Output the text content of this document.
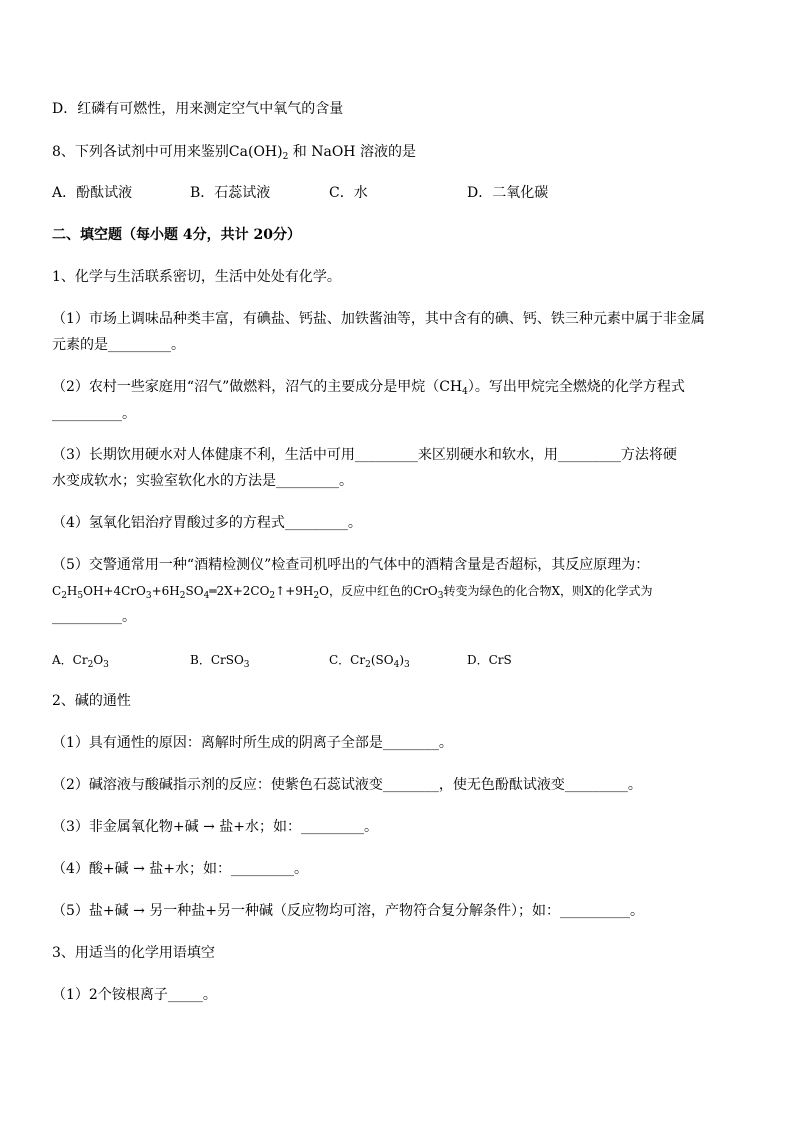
D．红磷有可燃性，用来测定空气中氧气的含量
8、下列各试剂中可用来鉴别$Ca(OH)_2$ 和 NaOH 溶液的是
A．酚酞试液	B．石蕊试液	C．水	D．二氧化碳
二、填空题（每小题 4分，共计 20分）
1、化学与生活联系密切，生活中处处有化学。
（1）市场上调味品种类丰富，有碘盐、钙盐、加铁酱油等，其中含有的碘、钙、铁三种元素中属于非金属
元素的是_________。
（2）农村一些家庭用“沼气”做燃料，沼气的主要成分是甲烷$(CH_4)$。写出甲烷完全燃烧的化学方程式
__________。
（3）长期饮用硬水对人体健康不利，生活中可用_________来区别硬水和软水，用_________方法将硬
水变成软水；实验室软化水的方法是_________。
（4）氢氧化铝治疗胃酸过多的方程式_________。
（5）交警通常用一种“酒精检测仪”检查司机呼出的气体中的酒精含量是否超标，其反应原理为：
$C_2H_5OH+4CrO_3+6H_2SO_4═2X+2CO_2↑+9H_2O$，反应中红色的CrO$_3$转变为绿色的化合物X，则X的化学式为
__________。
A．$Cr_2O_3$	B．CrSO$_3$	C．$Cr_2(SO_4)_3$	D．CrS
2、碱的通性
（1）具有通性的原因：离解时所生成的阴离子全部是________。
（2）碱溶液与酸碱指示剂的反应：使紫色石蕊试液变________，使无色酚酞试液变_________。
（3）非金属氧化物+碱 → 盐+水；如：_________。
（4）酸+碱 → 盐+水；如：_________。
（5）盐+碱 → 另一种盐+另一种碱（反应物均可溶，产物符合复分解条件）；如：__________。
3、用适当的化学用语填空
（1）2个铵根离子_____。
